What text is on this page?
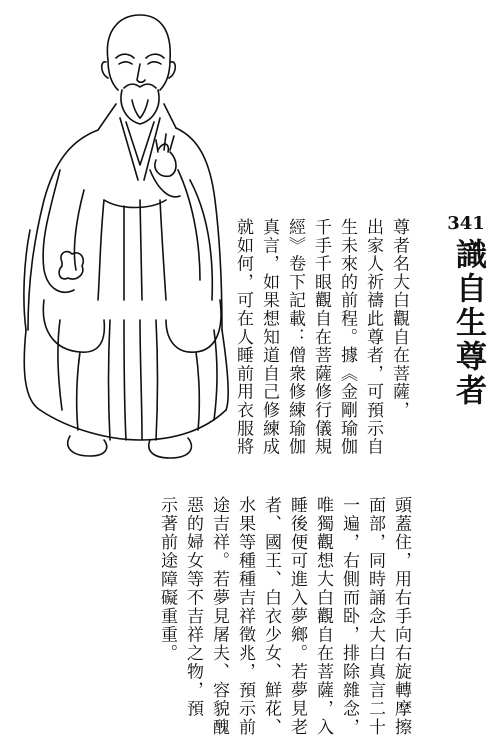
341
識自生尊者
尊者名大白觀自在菩薩，
出家人祈禱此尊者，可預示自
生未來的前程。據《金剛瑜伽
千手千眼觀自在菩薩修行儀規
經》卷下記載：僧衆修練瑜伽
真言，如果想知道自己修練成
就如何，可在人睡前用衣服將
頭蓋住，用右手向右旋轉摩擦
面部，同時誦念大白真言二十
一遍，右側而卧，排除雜念，
唯獨觀想大白觀自在菩薩，入
睡後便可進入夢鄉。若夢見老
者、國王、白衣少女、鮮花、
水果等種種吉祥徵兆，預示前
途吉祥。若夢見屠夫、容貌醜
惡的婦女等不吉祥之物，預
示著前途障礙重重。
